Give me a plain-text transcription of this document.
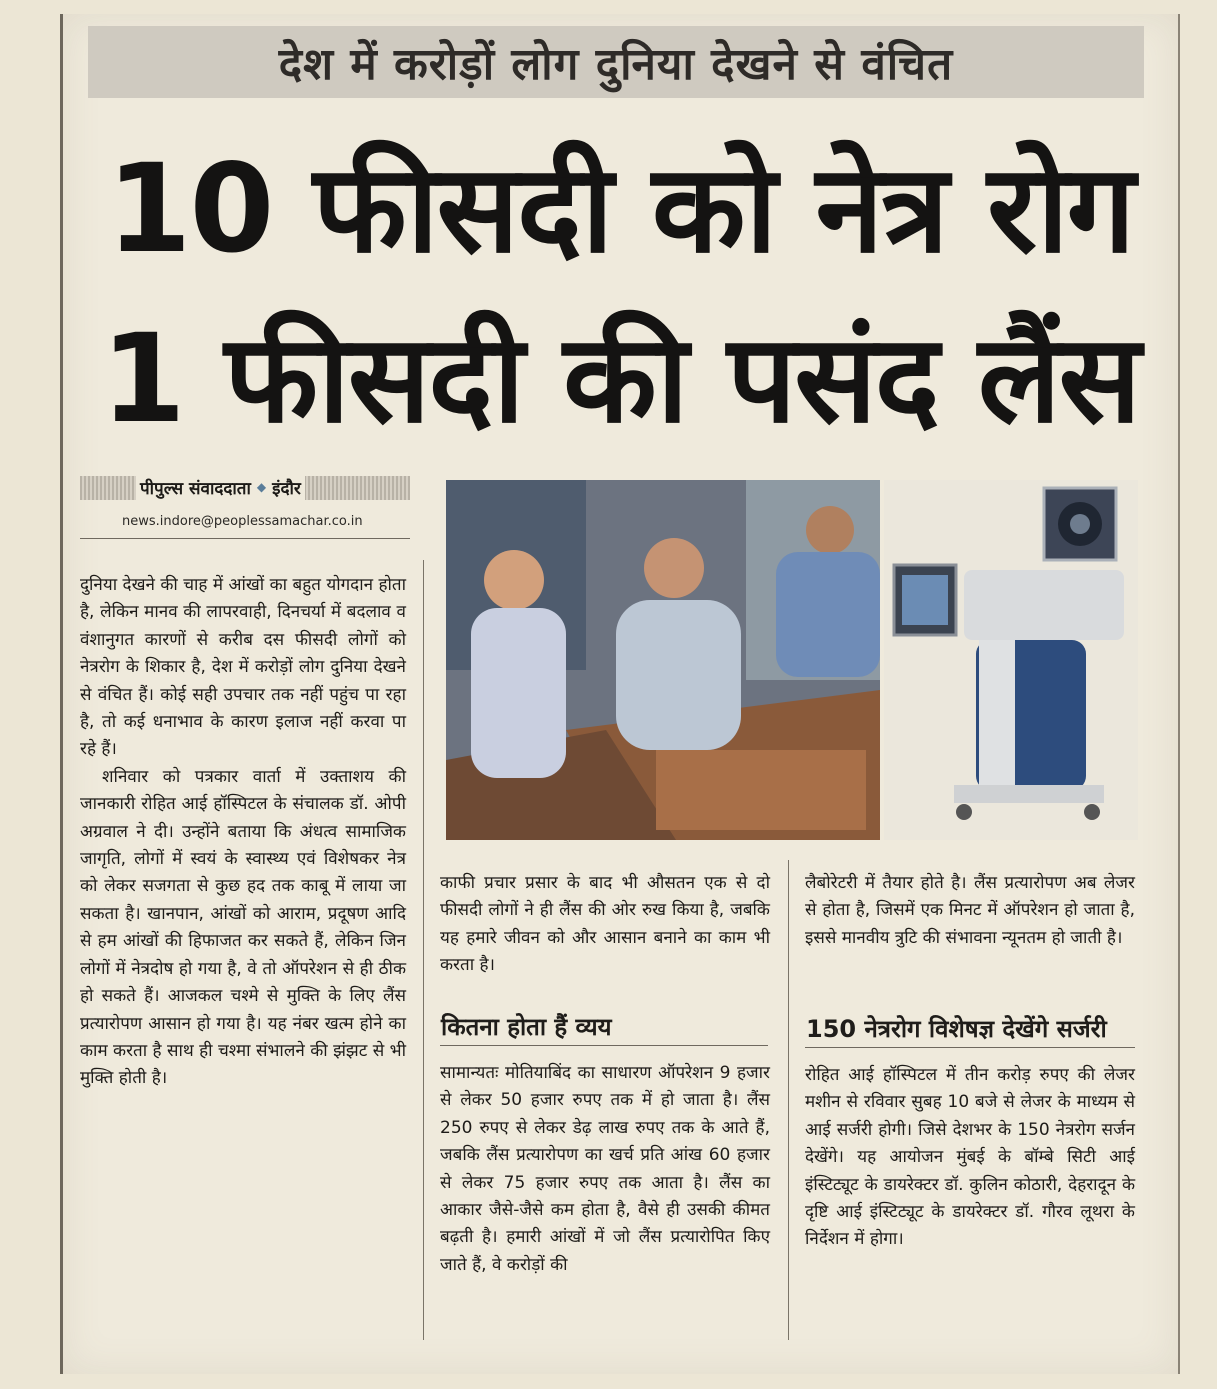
देश में करोड़ों लोग दुनिया देखने से वंचित
10 फीसदी को नेत्र रोग
1 फीसदी की पसंद लैंस
पीपुल्स संवाददाता ◆ इंदौर
news.indore@peoplessamachar.co.in

दुनिया देखने की चाह में आंखों का बहुत योगदान होता है, लेकिन मानव की लापरवाही, दिनचर्या में बदलाव व वंशानुगत कारणों से करीब दस फीसदी लोगों को नेत्ररोग के शिकार है, देश में करोड़ों लोग दुनिया देखने से वंचित हैं। कोई सही उपचार तक नहीं पहुंच पा रहा है, तो कई धनाभाव के कारण इलाज नहीं करवा पा रहे हैं।

शनिवार को पत्रकार वार्ता में उक्ताशय की जानकारी रोहित आई हॉस्पिटल के संचालक डॉ. ओपी अग्रवाल ने दी। उन्होंने बताया कि अंधत्व सामाजिक जागृति, लोगों में स्वयं के स्वास्थ्य एवं विशेषकर नेत्र को लेकर सजगता से कुछ हद तक काबू में लाया जा सकता है। खानपान, आंखों को आराम, प्रदूषण आदि से हम आंखों की हिफाजत कर सकते हैं, लेकिन जिन लोगों में नेत्रदोष हो गया है, वे तो ऑपरेशन से ही ठीक हो सकते हैं। आजकल चश्मे से मुक्ति के लिए लैंस प्रत्यारोपण आसान हो गया है। यह नंबर खत्म होने का काम करता है साथ ही चश्मा संभालने की झंझट से भी मुक्ति होती है।

काफी प्रचार प्रसार के बाद भी औसतन एक से दो फीसदी लोगों ने ही लैंस की ओर रुख किया है, जबकि यह हमारे जीवन को और आसान बनाने का काम भी करता है।

कितना होता हैं व्यय

सामान्यतः मोतियाबिंद का साधारण ऑपरेशन 9 हजार से लेकर 50 हजार रुपए तक में हो जाता है। लैंस 250 रुपए से लेकर डेढ़ लाख रुपए तक के आते हैं, जबकि लैंस प्रत्यारोपण का खर्च प्रति आंख 60 हजार से लेकर 75 हजार रुपए तक आता है। लैंस का आकार जैसे-जैसे कम होता है, वैसे ही उसकी कीमत बढ़ती है। हमारी आंखों में जो लैंस प्रत्यारोपित किए जाते हैं, वे करोड़ों की

लैबोरेटरी में तैयार होते है। लैंस प्रत्यारोपण अब लेजर से होता है, जिसमें एक मिनट में ऑपरेशन हो जाता है, इससे मानवीय त्रुटि की संभावना न्यूनतम हो जाती है।

150 नेत्ररोग विशेषज्ञ देखेंगे सर्जरी

रोहित आई हॉस्पिटल में तीन करोड़ रुपए की लेजर मशीन से रविवार सुबह 10 बजे से लेजर के माध्यम से आई सर्जरी होगी। जिसे देशभर के 150 नेत्ररोग सर्जन देखेंगे। यह आयोजन मुंबई के बॉम्बे सिटी आई इंस्टिट्यूट के डायरेक्टर डॉ. कुलिन कोठारी, देहरादून के दृष्टि आई इंस्टिट्यूट के डायरेक्टर डॉ. गौरव लूथरा के निर्देशन में होगा।
